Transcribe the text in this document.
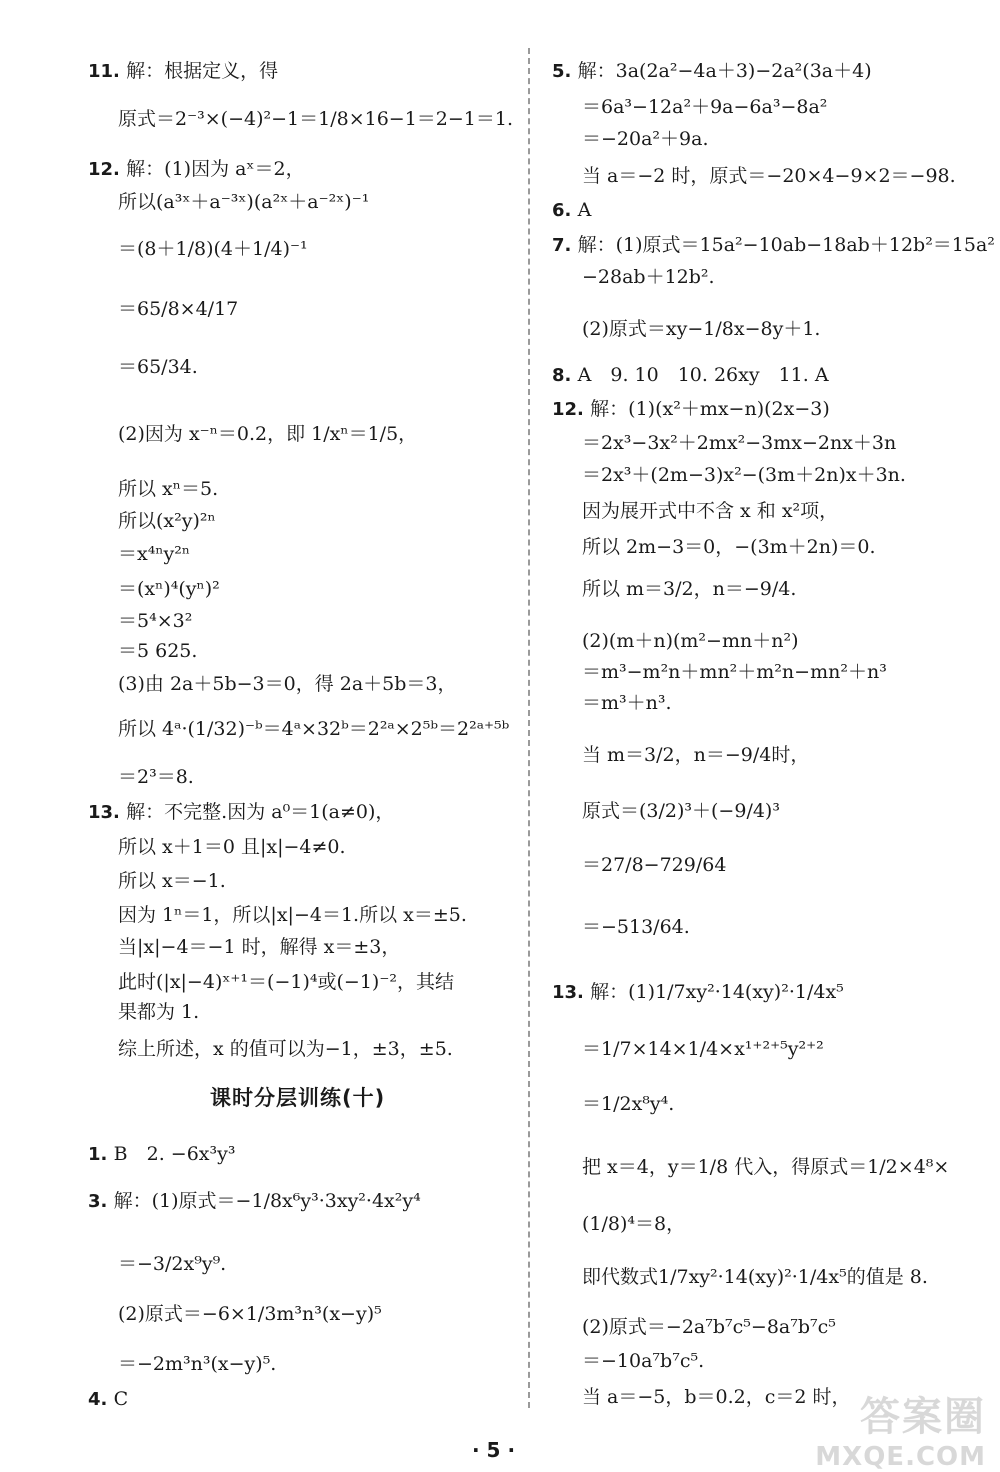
11. 解：根据定义，得
原式＝2⁻³×(−4)²−1＝1/8×16−1＝2−1＝1.
12. 解：(1)因为 aˣ＝2，
所以(a³ˣ＋a⁻³ˣ)(a²ˣ＋a⁻²ˣ)⁻¹
＝(8＋1/8)(4＋1/4)⁻¹
＝65/8×4/17
＝65/34.
(2)因为 x⁻ⁿ＝0.2，即 1/xⁿ＝1/5，
所以 xⁿ＝5.
所以(x²y)²ⁿ
＝x⁴ⁿy²ⁿ
＝(xⁿ)⁴(yⁿ)²
＝5⁴×3²
＝5 625.
(3)由 2a＋5b−3＝0，得 2a＋5b＝3，
所以 4ᵃ·(1/32)⁻ᵇ＝4ᵃ×32ᵇ＝2²ᵃ×2⁵ᵇ＝2²ᵃ⁺⁵ᵇ
＝2³＝8.
13. 解：不完整.因为 a⁰＝1(a≠0)，
所以 x＋1＝0 且|x|−4≠0.
所以 x＝−1.
因为 1ⁿ＝1，所以|x|−4＝1.所以 x＝±5.
当|x|−4＝−1 时，解得 x＝±3，
此时(|x|−4)ˣ⁺¹＝(−1)⁴或(−1)⁻²，其结
果都为 1.
综上所述，x 的值可以为−1，±3，±5.
1. B　2. −6x³y³
3. 解：(1)原式＝−1/8x⁶y³·3xy²·4x²y⁴
＝−3/2x⁹y⁹.
(2)原式＝−6×1/3m³n³(x−y)⁵
＝−2m³n³(x−y)⁵.
4. C
5. 解：3a(2a²−4a＋3)−2a²(3a＋4)
＝6a³−12a²＋9a−6a³−8a²
＝−20a²＋9a.
当 a＝−2 时，原式＝−20×4−9×2＝−98.
6. A
7. 解：(1)原式＝15a²−10ab−18ab＋12b²＝15a²
−28ab＋12b².
(2)原式＝xy−1/8x−8y＋1.
8. A　9. 10　10. 26xy　11. A
12. 解：(1)(x²＋mx−n)(2x−3)
＝2x³−3x²＋2mx²−3mx−2nx＋3n
＝2x³＋(2m−3)x²−(3m＋2n)x＋3n.
因为展开式中不含 x 和 x²项，
所以 2m−3＝0，−(3m＋2n)＝0.
所以 m＝3/2，n＝−9/4.
(2)(m＋n)(m²−mn＋n²)
＝m³−m²n＋mn²＋m²n−mn²＋n³
＝m³＋n³.
当 m＝3/2，n＝−9/4时，
原式＝(3/2)³＋(−9/4)³
＝27/8−729/64
＝−513/64.
13. 解：(1)1/7xy²·14(xy)²·1/4x⁵
＝1/7×14×1/4×x¹⁺²⁺⁵y²⁺²
＝1/2x⁸y⁴.
把 x＝4，y＝1/8 代入，得原式＝1/2×4⁸×
(1/8)⁴＝8，
即代数式1/7xy²·14(xy)²·1/4x⁵的值是 8.
(2)原式＝−2a⁷b⁷c⁵−8a⁷b⁷c⁵
＝−10a⁷b⁷c⁵.
当 a＝−5，b＝0.2，c＝2 时，
课时分层训练(十)
· 5 ·
答案圈
MXQE.COM
